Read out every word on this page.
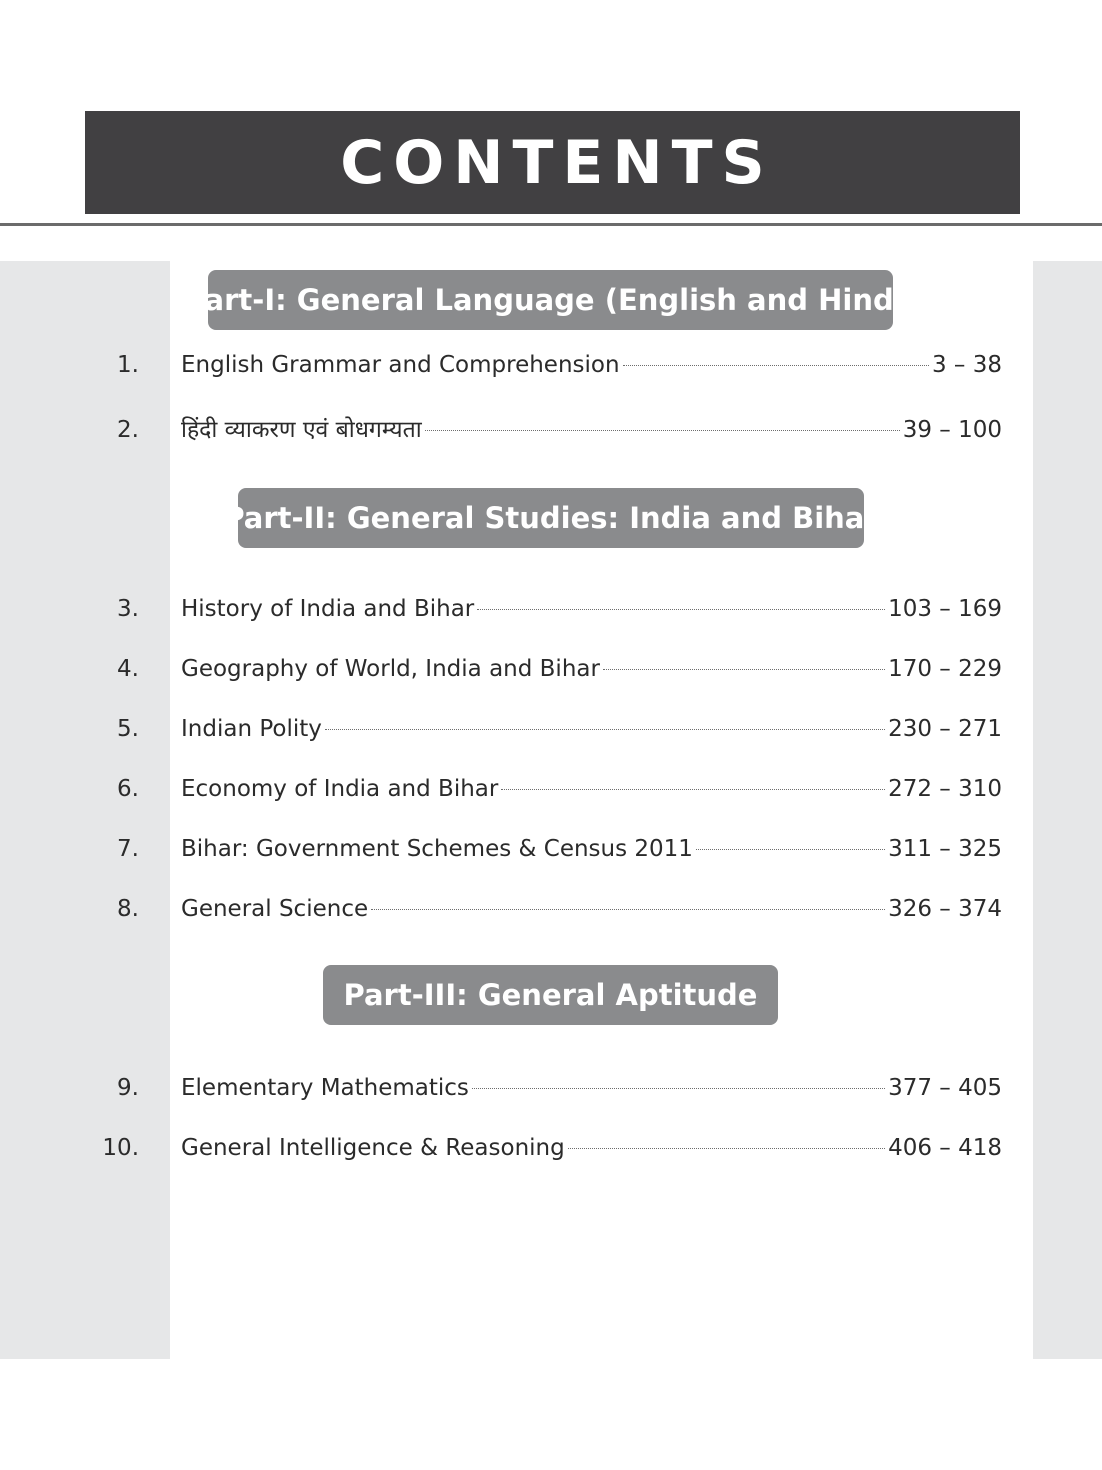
CONTENTS
Part-I: General Language (English and Hindi)
1. English Grammar and Comprehension	3 – 38
2. हिंदी व्याकरण एवं बोधगम्यता	39 – 100
Part-II: General Studies: India and Bihar
3. History of India and Bihar	103 – 169
4. Geography of World, India and Bihar	170 – 229
5. Indian Polity	230 – 271
6. Economy of India and Bihar	272 – 310
7. Bihar: Government Schemes & Census 2011	311 – 325
8. General Science	326 – 374
Part-III: General Aptitude
9. Elementary Mathematics	377 – 405
10. General Intelligence & Reasoning	406 – 418
